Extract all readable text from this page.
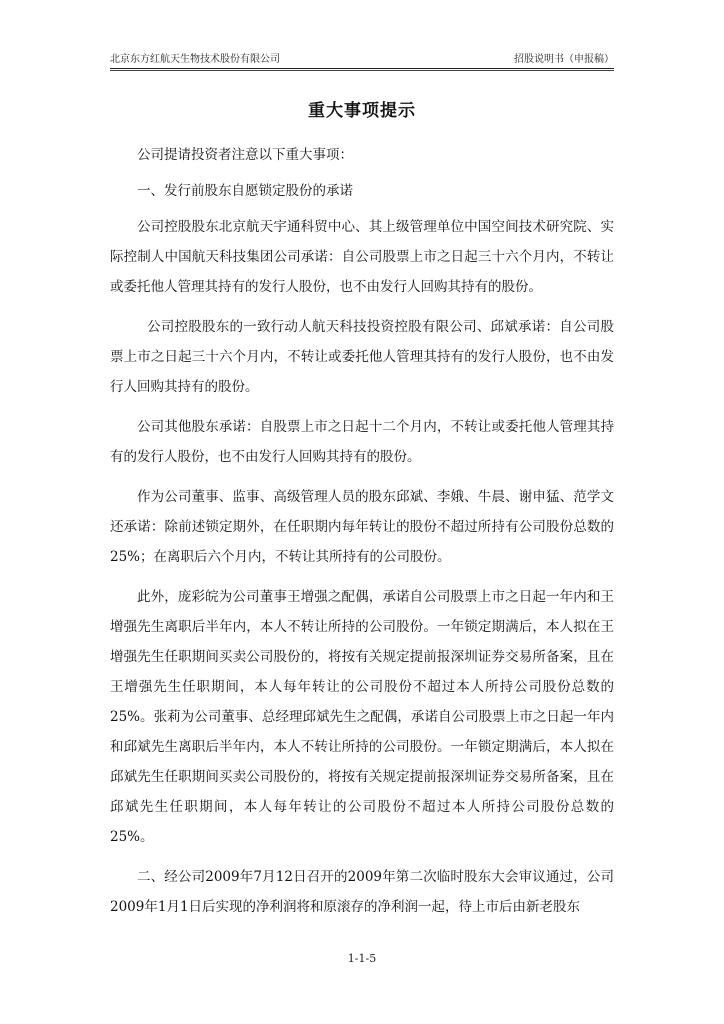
北京东方红航天生物技术股份有限公司	招股说明书（申报稿）
重大事项提示

公司提请投资者注意以下重大事项：

一、发行前股东自愿锁定股份的承诺

公司控股股东北京航天宇通科贸中心、其上级管理单位中国空间技术研究院、实际控制人中国航天科技集团公司承诺：自公司股票上市之日起三十六个月内，不转让或委托他人管理其持有的发行人股份，也不由发行人回购其持有的股份。

公司控股股东的一致行动人航天科技投资控股有限公司、邱斌承诺：自公司股票上市之日起三十六个月内，不转让或委托他人管理其持有的发行人股份，也不由发行人回购其持有的股份。

公司其他股东承诺：自股票上市之日起十二个月内，不转让或委托他人管理其持有的发行人股份，也不由发行人回购其持有的股份。

作为公司董事、监事、高级管理人员的股东邱斌、李娥、牛晨、谢申猛、范学文还承诺：除前述锁定期外，在任职期内每年转让的股份不超过所持有公司股份总数的25%；在离职后六个月内，不转让其所持有的公司股份。

此外，庞彩皖为公司董事王增强之配偶，承诺自公司股票上市之日起一年内和王增强先生离职后半年内，本人不转让所持的公司股份。一年锁定期满后，本人拟在王增强先生任职期间买卖公司股份的，将按有关规定提前报深圳证券交易所备案，且在王增强先生任职期间，本人每年转让的公司股份不超过本人所持公司股份总数的 25%。张莉为公司董事、总经理邱斌先生之配偶，承诺自公司股票上市之日起一年内和邱斌先生离职后半年内，本人不转让所持的公司股份。一年锁定期满后，本人拟在邱斌先生任职期间买卖公司股份的，将按有关规定提前报深圳证券交易所备案，且在邱斌先生任职期间，本人每年转让的公司股份不超过本人所持公司股份总数的 25%。

二、经公司2009年7月12日召开的2009年第二次临时股东大会审议通过，公司2009年1月1日后实现的净利润将和原滚存的净利润一起，待上市后由新老股东

1-1-5
